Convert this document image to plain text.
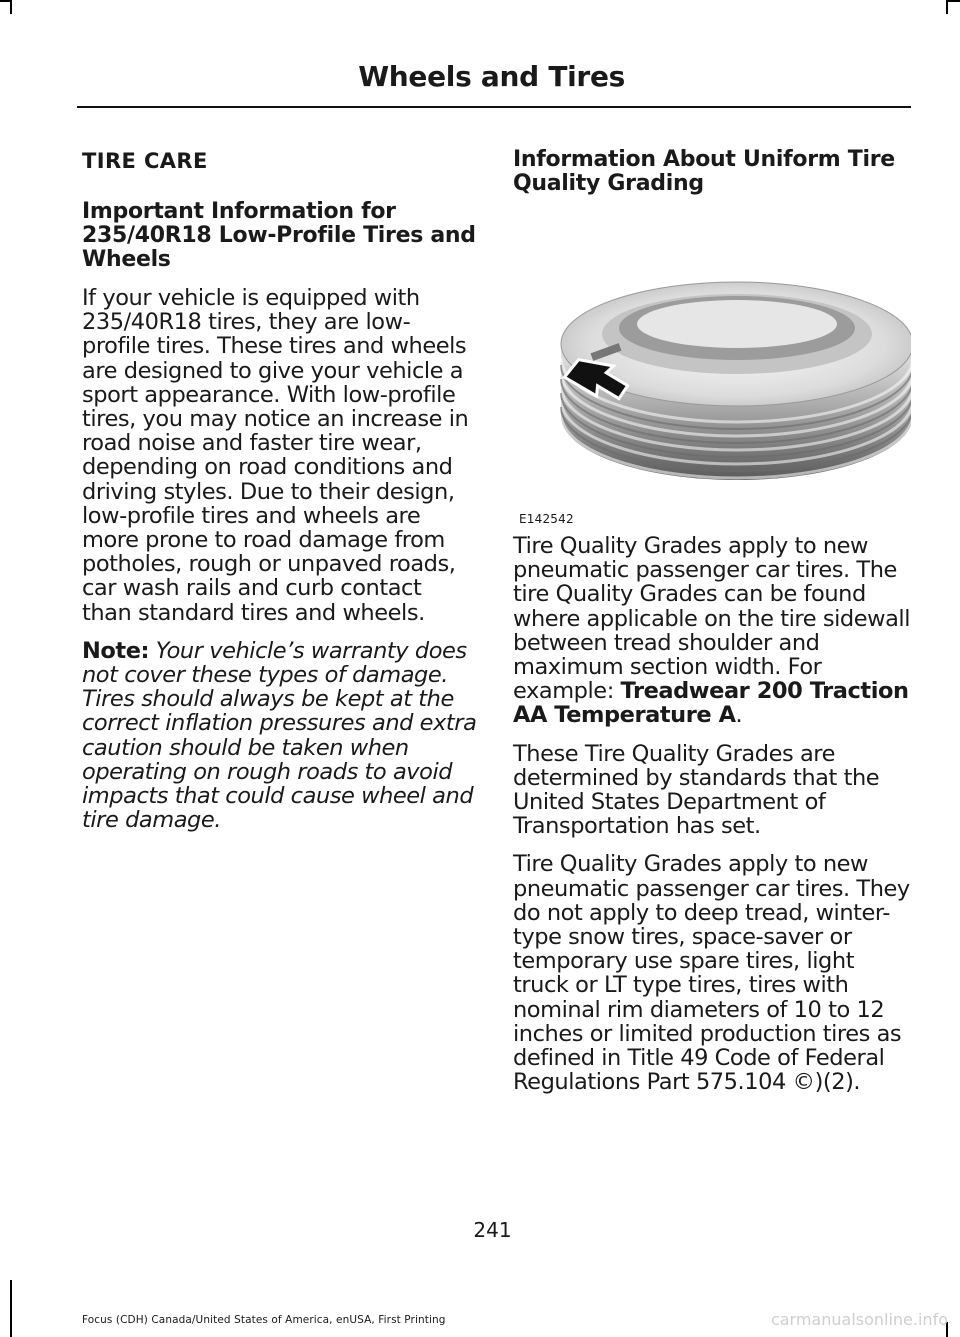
Wheels and Tires
TIRE CARE
Important Information for 235/40R18 Low-Profile Tires and Wheels
If your vehicle is equipped with 235/40R18 tires, they are low-profile tires. These tires and wheels are designed to give your vehicle a sport appearance. With low-profile tires, you may notice an increase in road noise and faster tire wear, depending on road conditions and driving styles. Due to their design, low-profile tires and wheels are more prone to road damage from potholes, rough or unpaved roads, car wash rails and curb contact than standard tires and wheels.
Note: Your vehicle’s warranty does not cover these types of damage. Tires should always be kept at the correct inflation pressures and extra caution should be taken when operating on rough roads to avoid impacts that could cause wheel and tire damage.
Information About Uniform Tire Quality Grading
E142542
Tire Quality Grades apply to new pneumatic passenger car tires. The tire Quality Grades can be found where applicable on the tire sidewall between tread shoulder and maximum section width. For example: Treadwear 200 Traction AA Temperature A.
These Tire Quality Grades are determined by standards that the United States Department of Transportation has set.
Tire Quality Grades apply to new pneumatic passenger car tires. They do not apply to deep tread, winter-type snow tires, space-saver or temporary use spare tires, light truck or LT type tires, tires with nominal rim diameters of 10 to 12 inches or limited production tires as defined in Title 49 Code of Federal Regulations Part 575.104 ©)(2).
241
Focus (CDH) Canada/United States of America, enUSA, First Printing	carmanualsonline.info
